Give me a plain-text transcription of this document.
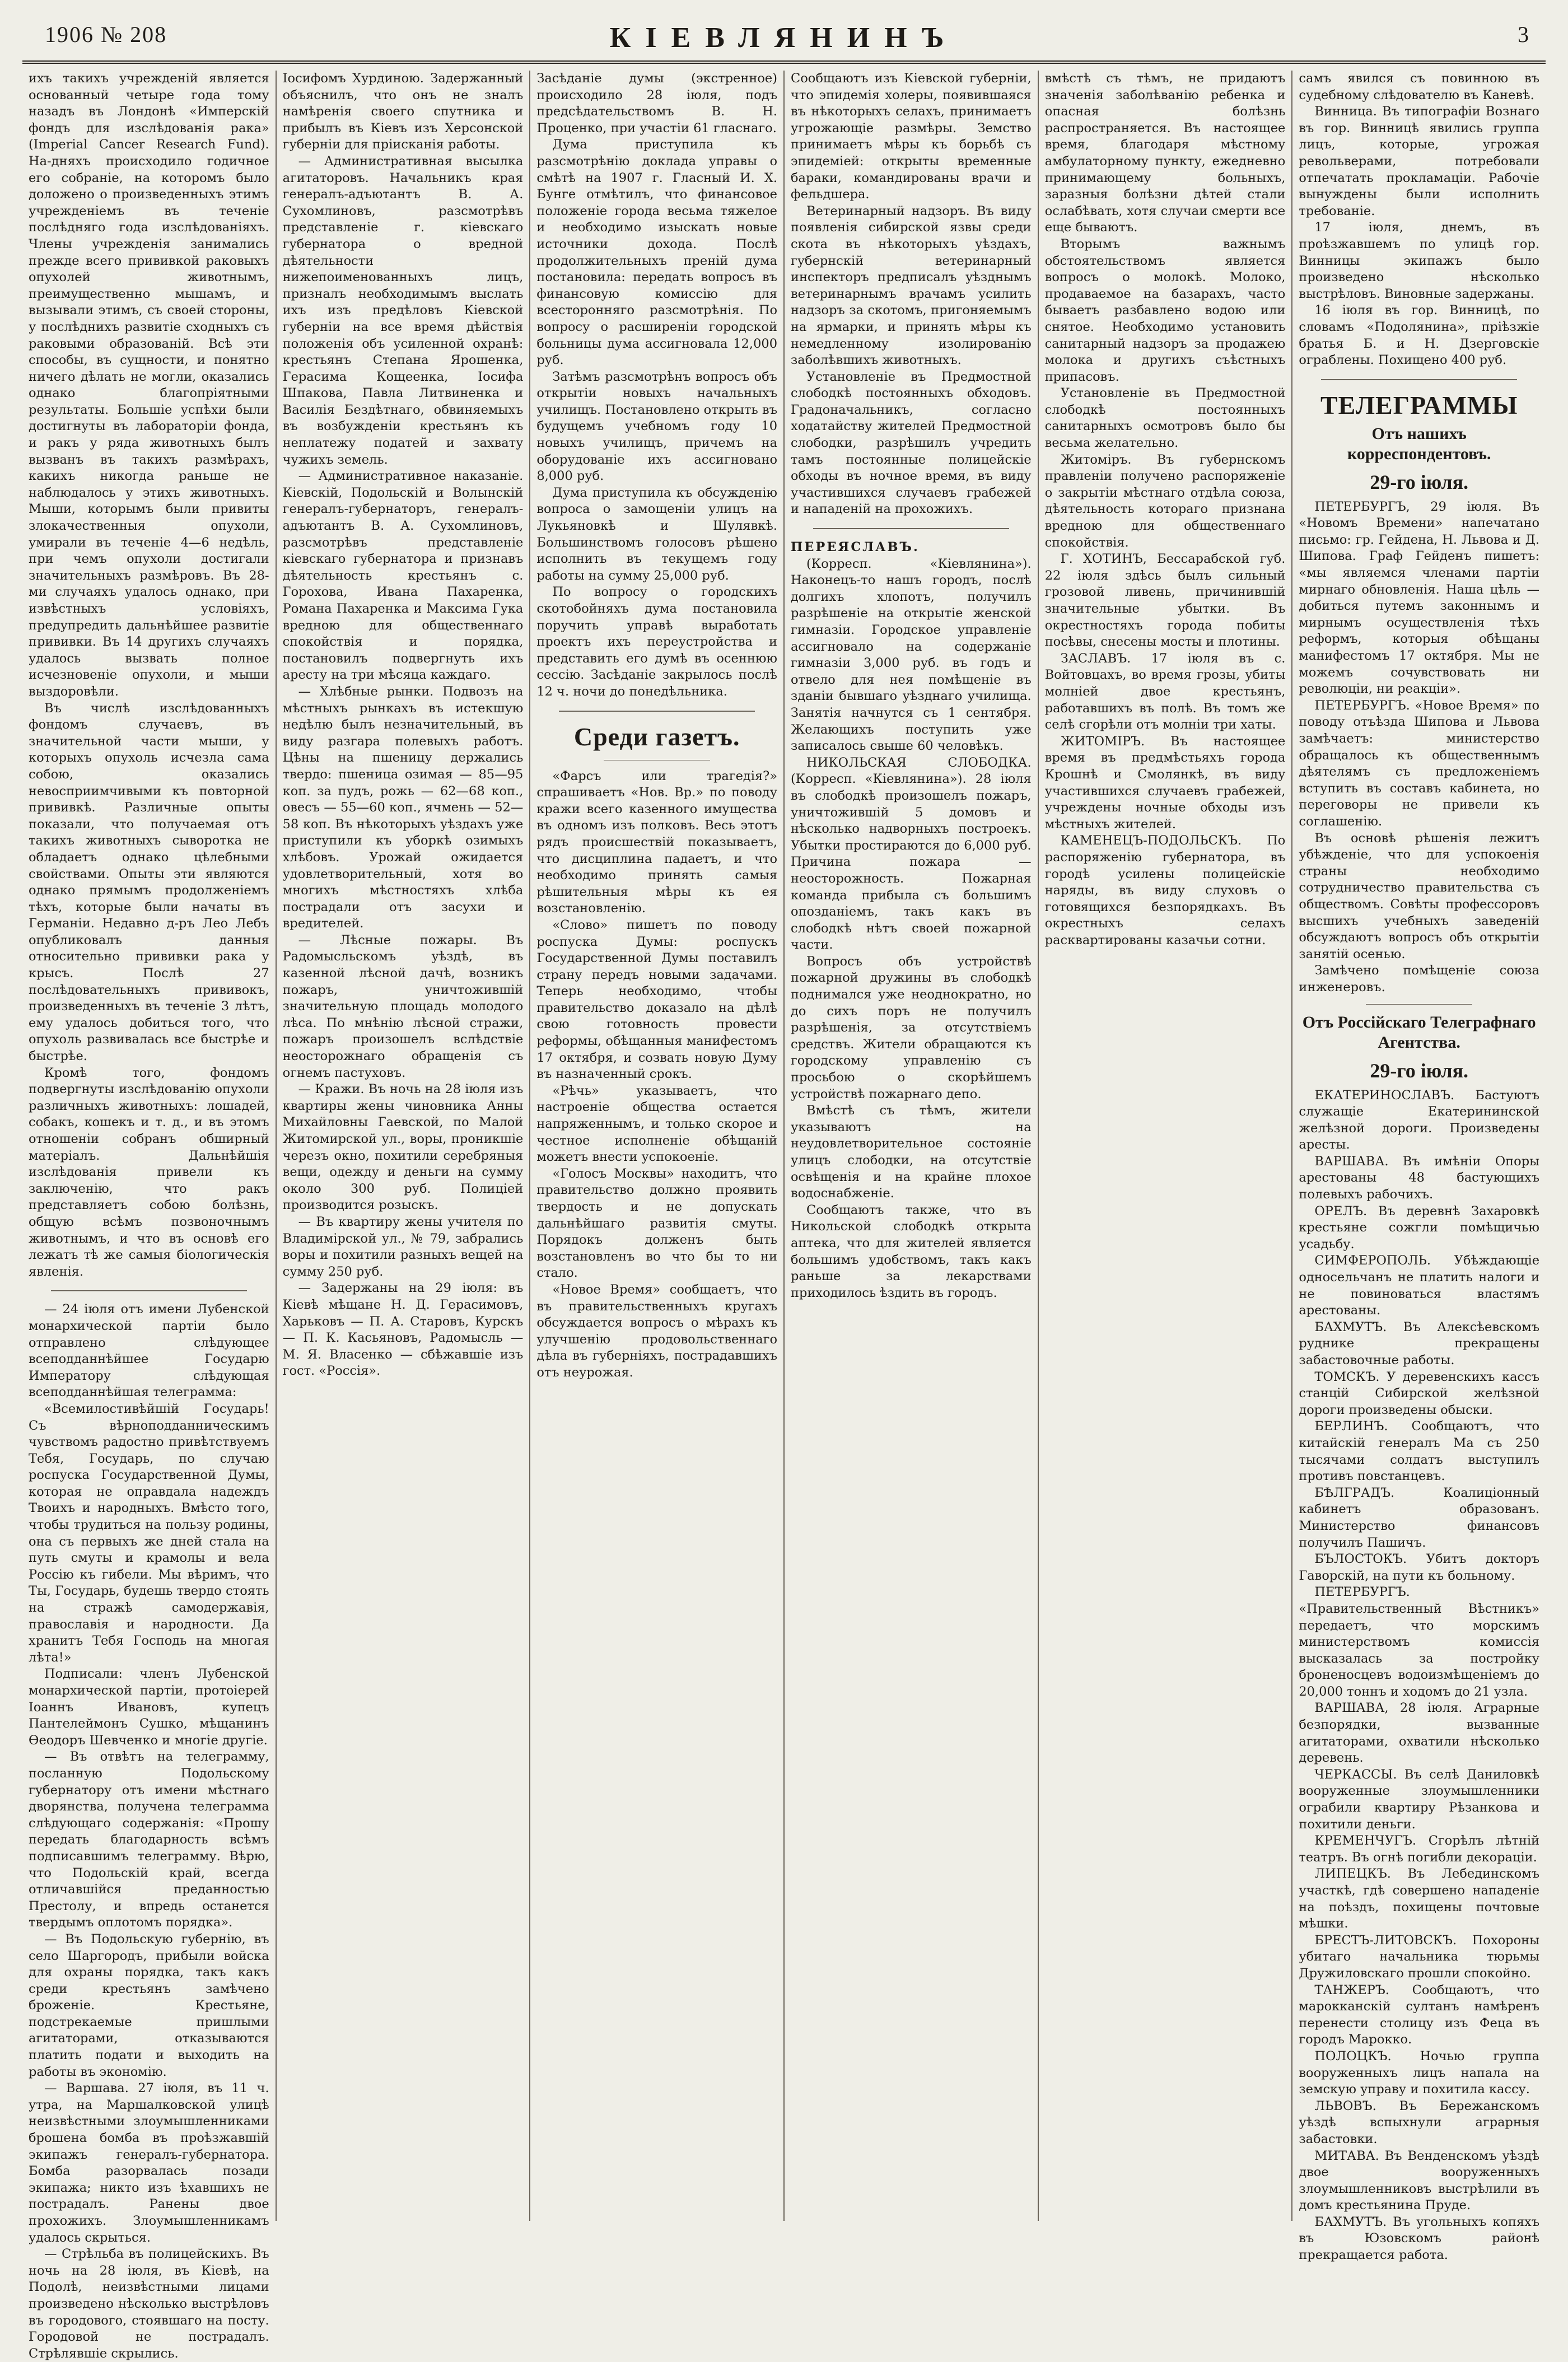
1906 № 208	КІЕВЛЯНИНЪ	3

ихъ такихъ учрежденій является основанный четыре года тому назадъ въ Лондонѣ «Имперскій фондъ для изслѣдованія рака» (Imperial Cancer Research Fund). На-дняхъ происходило годичное его собраніе, на которомъ было доложено о произведенныхъ этимъ учрежденіемъ въ теченіе послѣдняго года изслѣдованіяхъ. Члены учрежденія занимались прежде всего прививкой раковыхъ опухолей животнымъ, преимущественно мышамъ, и вызывали этимъ, съ своей стороны, у послѣднихъ развитіе сходныхъ съ раковыми образованій. Всѣ эти способы, въ сущности, и понятно ничего дѣлать не могли, оказались однако благопріятными результаты. Большіе успѣхи были достигнуты въ лабораторіи фонда, и ракъ у ряда животныхъ былъ вызванъ въ такихъ размѣрахъ, какихъ никогда раньше не наблюдалось у этихъ животныхъ. Мыши, которымъ были привиты злокачественныя опухоли, умирали въ теченіе 4—6 недѣль, при чемъ опухоли достигали значительныхъ размѣровъ. Въ 28-ми случаяхъ удалось однако, при извѣстныхъ условіяхъ, предупредить дальнѣйшее развитіе прививки. Въ 14 другихъ случаяхъ удалось вызвать полное исчезновеніе опухоли, и мыши выздоровѣли.

Въ числѣ изслѣдованныхъ фондомъ случаевъ, въ значительной части мыши, у которыхъ опухоль исчезла сама собою, оказались невосприимчивыми къ повторной прививкѣ. Различные опыты показали, что получаемая отъ такихъ животныхъ сыворотка не обладаетъ однако цѣлебными свойствами. Опыты эти являются однако прямымъ продолженіемъ тѣхъ, которые были начаты въ Германіи. Недавно д-ръ Лео Лебъ опубликовалъ данныя относительно прививки рака у крысъ. Послѣ 27 послѣдовательныхъ прививокъ, произведенныхъ въ теченіе 3 лѣтъ, ему удалось добиться того, что опухоль развивалась все быстрѣе и быстрѣе.

Кромѣ того, фондомъ подвергнуты изслѣдованію опухоли различныхъ животныхъ: лошадей, собакъ, кошекъ и т. д., и въ этомъ отношеніи собранъ обширный матеріалъ. Дальнѣйшія изслѣдованія привели къ заключенію, что ракъ представляетъ собою болѣзнь, общую всѣмъ позвоночнымъ животнымъ, и что въ основѣ его лежатъ тѣ же самыя біологическія явленія.

— 24 іюля отъ имени Лубенской монархической партіи было отправлено слѣдующее всеподданнѣйшее Государю Императору слѣдующая всеподданнѣйшая телеграмма:

«Всемилостивѣйшій Государь! Съ вѣрноподданническимъ чувствомъ радостно привѣтствуемъ Тебя, Государь, по случаю роспуска Государственной Думы, которая не оправдала надеждъ Твоихъ и народныхъ. Вмѣсто того, чтобы трудиться на пользу родины, она съ первыхъ же дней стала на путь смуты и крамолы и вела Россію къ гибели. Мы вѣримъ, что Ты, Государь, будешь твердо стоять на стражѣ самодержавія, православія и народности. Да хранитъ Тебя Господь на многая лѣта!»

Подписали: членъ Лубенской монархической партіи, протоіерей Іоаннъ Ивановъ, купецъ Пантелеймонъ Сушко, мѣщанинъ Ѳеодоръ Шевченко и многіе другіе.

— Въ отвѣтъ на телеграмму, посланную Подольскому губернатору отъ имени мѣстнаго дворянства, получена телеграмма слѣдующаго содержанія: «Прошу передать благодарность всѣмъ подписавшимъ телеграмму. Вѣрю, что Подольскій край, всегда отличавшійся преданностью Престолу, и впредь останется твердымъ оплотомъ порядка».

— Въ Подольскую губернію, въ село Шаргородъ, прибыли войска для охраны порядка, такъ какъ среди крестьянъ замѣчено броженіе. Крестьяне, подстрекаемые пришлыми агитаторами, отказываются платить подати и выходить на работы въ экономію.

— Варшава. 27 іюля, въ 11 ч. утра, на Маршалковской улицѣ неизвѣстными злоумышленниками брошена бомба въ проѣзжавшій экипажъ генералъ-губернатора. Бомба разорвалась позади экипажа; никто изъ ѣхавшихъ не пострадалъ. Ранены двое прохожихъ. Злоумышленникамъ удалось скрыться.

— Стрѣльба въ полицейскихъ. Въ ночь на 28 іюля, въ Кіевѣ, на Подолѣ, неизвѣстными лицами произведено нѣсколько выстрѣловъ въ городового, стоявшаго на посту. Городовой не пострадалъ. Стрѣлявшіе скрылись.

Іосифомъ Хурдиною. Задержанный объяснилъ, что онъ не зналъ намѣренія своего спутника и прибылъ въ Кіевъ изъ Херсонской губерніи для пріисканія работы.

— Административная высылка агитаторовъ. Начальникъ края генералъ-адъютантъ В. А. Сухомлиновъ, разсмотрѣвъ представленіе г. кіевскаго губернатора о вредной дѣятельности нижепоименованныхъ лицъ, призналъ необходимымъ выслать ихъ изъ предѣловъ Кіевской губерніи на все время дѣйствія положенія объ усиленной охранѣ: крестьянъ Степана Ярошенка, Герасима Кощеенка, Іосифа Шпакова, Павла Литвиненка и Василія Бездѣтнаго, обвиняемыхъ въ возбужденіи крестьянъ къ неплатежу податей и захвату чужихъ земель.

— Административное наказаніе. Кіевскій, Подольскій и Волынскій генералъ-губернаторъ, генералъ-адъютантъ В. А. Сухомлиновъ, разсмотрѣвъ представленіе кіевскаго губернатора и признавъ дѣятельность крестьянъ с. Горохова, Ивана Пахаренка, Романа Пахаренка и Максима Гука вредною для общественнаго спокойствія и порядка, постановилъ подвергнуть ихъ аресту на три мѣсяца каждаго.

— Хлѣбные рынки. Подвозъ на мѣстныхъ рынкахъ въ истекшую недѣлю былъ незначительный, въ виду разгара полевыхъ работъ. Цѣны на пшеницу держались твердо: пшеница озимая — 85—95 коп. за пудъ, рожь — 62—68 коп., овесъ — 55—60 коп., ячмень — 52—58 коп. Въ нѣкоторыхъ уѣздахъ уже приступили къ уборкѣ озимыхъ хлѣбовъ. Урожай ожидается удовлетворительный, хотя во многихъ мѣстностяхъ хлѣба пострадали отъ засухи и вредителей.

— Лѣсные пожары. Въ Радомысльскомъ уѣздѣ, въ казенной лѣсной дачѣ, возникъ пожаръ, уничтожившій значительную площадь молодого лѣса. По мнѣнію лѣсной стражи, пожаръ произошелъ вслѣдствіе неосторожнаго обращенія съ огнемъ пастуховъ.

— Кражи. Въ ночь на 28 іюля изъ квартиры жены чиновника Анны Михайловны Гаевской, по Малой Житомирской ул., воры, проникшіе черезъ окно, похитили серебряныя вещи, одежду и деньги на сумму около 300 руб. Полиціей производится розыскъ.

— Въ квартиру жены учителя по Владимірской ул., № 79, забрались воры и похитили разныхъ вещей на сумму 250 руб.

— Задержаны на 29 іюля: въ Кіевѣ мѣщане Н. Д. Герасимовъ, Харьковъ — П. А. Старовъ, Курскъ — П. К. Касьяновъ, Радомысль — М. Я. Власенко — сбѣжавшіе изъ гост. «Россія».

Засѣданіе думы (экстренное) происходило 28 іюля, подъ предсѣдательствомъ В. Н. Проценко, при участіи 61 гласнаго.

Дума приступила къ разсмотрѣнію доклада управы о смѣтѣ на 1907 г. Гласный И. Х. Бунге отмѣтилъ, что финансовое положеніе города весьма тяжелое и необходимо изыскать новые источники дохода. Послѣ продолжительныхъ преній дума постановила: передать вопросъ въ финансовую комиссію для всесторонняго разсмотрѣнія. По вопросу о расширеніи городской больницы дума ассигновала 12,000 руб.

Затѣмъ разсмотрѣнъ вопросъ объ открытіи новыхъ начальныхъ училищъ. Постановлено открыть въ будущемъ учебномъ году 10 новыхъ училищъ, причемъ на оборудованіе ихъ ассигновано 8,000 руб.

Дума приступила къ обсужденію вопроса о замощеніи улицъ на Лукьяновкѣ и Шулявкѣ. Большинствомъ голосовъ рѣшено исполнить въ текущемъ году работы на сумму 25,000 руб.

По вопросу о городскихъ скотобойняхъ дума постановила поручить управѣ выработать проектъ ихъ переустройства и представить его думѣ въ осеннюю сессію. Засѣданіе закрылось послѣ 12 ч. ночи до понедѣльника.

Среди газетъ.

«Фарсъ или трагедія?» спрашиваетъ «Нов. Вр.» по поводу кражи всего казенного имущества въ одномъ изъ полковъ. Весь этотъ рядъ происшествій показываетъ, что дисциплина падаетъ, и что необходимо принять самыя рѣшительныя мѣры къ ея возстановленію.

«Слово» пишетъ по поводу роспуска Думы: роспускъ Государственной Думы поставилъ страну передъ новыми задачами. Теперь необходимо, чтобы правительство доказало на дѣлѣ свою готовность провести реформы, обѣщанныя манифестомъ 17 октября, и созвать новую Думу въ назначенный срокъ.

«Рѣчь» указываетъ, что настроеніе общества остается напряженнымъ, и только скорое и честное исполненіе обѣщаній можетъ внести успокоеніе.

«Голосъ Москвы» находитъ, что правительство должно проявить твердость и не допускать дальнѣйшаго развитія смуты. Порядокъ долженъ быть возстановленъ во что бы то ни стало.

«Новое Время» сообщаетъ, что въ правительственныхъ кругахъ обсуждается вопросъ о мѣрахъ къ улучшенію продовольственнаго дѣла въ губерніяхъ, пострадавшихъ отъ неурожая.

Сообщаютъ изъ Кіевской губерніи, что эпидемія холеры, появившаяся въ нѣкоторыхъ селахъ, принимаетъ угрожающіе размѣры. Земство принимаетъ мѣры къ борьбѣ съ эпидеміей: открыты временные бараки, командированы врачи и фельдшера.

Ветеринарный надзоръ. Въ виду появленія сибирской язвы среди скота въ нѣкоторыхъ уѣздахъ, губернскій ветеринарный инспекторъ предписалъ уѣзднымъ ветеринарнымъ врачамъ усилить надзоръ за скотомъ, пригоняемымъ на ярмарки, и принять мѣры къ немедленному изолированію заболѣвшихъ животныхъ.

Установленіе въ Предмостной слободкѣ постоянныхъ обходовъ. Градоначальникъ, согласно ходатайству жителей Предмостной слободки, разрѣшилъ учредить тамъ постоянные полицейскіе обходы въ ночное время, въ виду участившихся случаевъ грабежей и нападеній на прохожихъ.

ПЕРЕЯСЛАВЪ.

(Корресп. «Кіевлянина»). Наконецъ-то нашъ городъ, послѣ долгихъ хлопотъ, получилъ разрѣшеніе на открытіе женской гимназіи. Городское управленіе ассигновало на содержаніе гимназіи 3,000 руб. въ годъ и отвело для нея помѣщеніе въ зданіи бывшаго уѣзднаго училища. Занятія начнутся съ 1 сентября. Желающихъ поступить уже записалось свыше 60 человѣкъ.

НИКОЛЬСКАЯ СЛОБОДКА. (Корресп. «Кіевлянина»). 28 іюля въ слободкѣ произошелъ пожаръ, уничтожившій 5 домовъ и нѣсколько надворныхъ построекъ. Убытки простираются до 6,000 руб. Причина пожара — неосторожность. Пожарная команда прибыла съ большимъ опозданіемъ, такъ какъ въ слободкѣ нѣтъ своей пожарной части.

Вопросъ объ устройствѣ пожарной дружины въ слободкѣ поднимался уже неоднократно, но до сихъ поръ не получилъ разрѣшенія, за отсутствіемъ средствъ. Жители обращаются къ городскому управленію съ просьбою о скорѣйшемъ устройствѣ пожарнаго депо.

Вмѣстѣ съ тѣмъ, жители указываютъ на неудовлетворительное состояніе улицъ слободки, на отсутствіе освѣщенія и на крайне плохое водоснабженіе.

Сообщаютъ также, что въ Никольской слободкѣ открыта аптека, что для жителей является большимъ удобствомъ, такъ какъ раньше за лекарствами приходилось ѣздить въ городъ.

вмѣстѣ съ тѣмъ, не придаютъ значенія заболѣванію ребенка и опасная болѣзнь распространяется. Въ настоящее время, благодаря мѣстному амбулаторному пункту, ежедневно принимающему больныхъ, заразныя болѣзни дѣтей стали ослабѣвать, хотя случаи смерти все еще бываютъ.

Вторымъ важнымъ обстоятельствомъ является вопросъ о молокѣ. Молоко, продаваемое на базарахъ, часто бываетъ разбавлено водою или снятое. Необходимо установить санитарный надзоръ за продажею молока и другихъ съѣстныхъ припасовъ.

Установленіе въ Предмостной слободкѣ постоянныхъ санитарныхъ осмотровъ было бы весьма желательно.

Житоміръ. Въ губернскомъ правленіи получено распоряженіе о закрытіи мѣстнаго отдѣла союза, дѣятельность котораго признана вредною для общественнаго спокойствія.

Г. ХОТИНЪ, Бессарабской губ. 22 іюля здѣсь былъ сильный грозовой ливень, причинившій значительные убытки. Въ окрестностяхъ города побиты посѣвы, снесены мосты и плотины.

ЗАСЛАВЪ. 17 іюля въ с. Войтовцахъ, во время грозы, убиты молніей двое крестьянъ, работавшихъ въ полѣ. Въ томъ же селѣ сгорѣли отъ молніи три хаты.

ЖИТОМІРЪ. Въ настоящее время въ предмѣстьяхъ города Крошнѣ и Смолянкѣ, въ виду участившихся случаевъ грабежей, учреждены ночные обходы изъ мѣстныхъ жителей.

КАМЕНЕЦЪ-ПОДОЛЬСКЪ. По распоряженію губернатора, въ городѣ усилены полицейскіе наряды, въ виду слуховъ о готовящихся безпорядкахъ. Въ окрестныхъ селахъ расквартированы казачьи сотни.

самъ явился съ повинною въ судебному слѣдователю въ Каневѣ.

Винница. Въ типографіи Вознаго въ гор. Винницѣ явились группа лицъ, которые, угрожая револьверами, потребовали отпечатать прокламаціи. Рабочіе вынуждены были исполнить требованіе.

17 іюля, днемъ, въ проѣзжавшемъ по улицѣ гор. Винницы экипажъ было произведено нѣсколько выстрѣловъ. Виновные задержаны.

16 іюля въ гор. Винницѣ, по словамъ «Подолянина», пріѣзжіе братья Б. и Н. Дзерговскіе ограблены. Похищено 400 руб.

ТЕЛЕГРАММЫ
Отъ нашихъ корреспондентовъ.
29-го іюля.

ПЕТЕРБУРГЪ, 29 іюля. Въ «Новомъ Времени» напечатано письмо: гр. Гейдена, Н. Львова и Д. Шипова. Граф Гейденъ пишетъ: «мы являемся членами партіи мирнаго обновленія. Наша цѣль — добиться путемъ законнымъ и мирнымъ осуществленія тѣхъ реформъ, которыя обѣщаны манифестомъ 17 октября. Мы не можемъ сочувствовать ни революціи, ни реакціи».

ПЕТЕРБУРГЪ. «Новое Время» по поводу отъѣзда Шипова и Львова замѣчаетъ: министерство обращалось къ общественнымъ дѣятелямъ съ предложеніемъ вступить въ составъ кабинета, но переговоры не привели къ соглашенію.

Въ основѣ рѣшенія лежитъ убѣжденіе, что для успокоенія страны необходимо сотрудничество правительства съ обществомъ. Совѣты профессоровъ высшихъ учебныхъ заведеній обсуждаютъ вопросъ объ открытіи занятій осенью.

Замѣчено помѣщеніе союза инженеровъ.

Отъ Россійскаго Телеграфнаго Агентства.
29-го іюля.

ЕКАТЕРИНОСЛАВЪ. Бастуютъ служащіе Екатерининской желѣзной дороги. Произведены аресты.

ВАРШАВА. Въ имѣніи Опоры арестованы 48 бастующихъ полевыхъ рабочихъ.

ОРЕЛЪ. Въ деревнѣ Захаровкѣ крестьяне сожгли помѣщичью усадьбу.

СИМФЕРОПОЛЬ. Убѣждающіе односельчанъ не платить налоги и не повиноваться властямъ арестованы.

БАХМУТЪ. Въ Алексѣевскомъ руднике прекращены забастовочные работы.

ТОМСКЪ. У деревенскихъ кассъ станцій Сибирской желѣзной дороги произведены обыски.

БЕРЛИНЪ. Сообщаютъ, что китайскій генералъ Ма съ 250 тысячами солдатъ выступилъ противъ повстанцевъ.

БѢЛГРАДЪ. Коалиціонный кабинетъ образованъ. Министерство финансовъ получилъ Пашичъ.

БЪЛОСТОКЪ. Убитъ докторъ Гаворскій, на пути къ больному.

ПЕТЕРБУРГЪ. «Правительственный Вѣстникъ» передаетъ, что морскимъ министерствомъ комиссія высказалась за постройку броненосцевъ водоизмѣщеніемъ до 20,000 тоннъ и ходомъ до 21 узла.

ВАРШАВА, 28 іюля. Аграрные безпорядки, вызванные агитаторами, охватили нѣсколько деревень.

ЧЕРКАССЫ. Въ селѣ Даниловкѣ вооруженные злоумышленники ограбили квартиру Рѣзанкова и похитили деньги.

КРЕМЕНЧУГЪ. Сгорѣлъ лѣтній театръ. Въ огнѣ погибли декораціи.

ЛИПЕЦКЪ. Въ Лебединскомъ участкѣ, гдѣ совершено нападеніе на поѣздъ, похищены почтовые мѣшки.

БРЕСТЪ-ЛИТОВСКЪ. Похороны убитаго начальника тюрьмы Дружиловскаго прошли спокойно.

ТАНЖЕРЪ. Сообщаютъ, что марокканскій султанъ намѣренъ перенести столицу изъ Феца въ городъ Марокко.

ПОЛОЦКЪ. Ночью группа вооруженныхъ лицъ напала на земскую управу и похитила кассу.

ЛЬВОВЪ. Въ Бережанскомъ уѣздѣ вспыхнули аграрныя забастовки.

МИТАВА. Въ Венденскомъ уѣздѣ двое вооруженныхъ злоумышленниковъ выстрѣлили въ домъ крестьянина Пруде.

БАХМУТЪ. Въ угольныхъ копяхъ въ Юзовскомъ районѣ прекращается работа.
